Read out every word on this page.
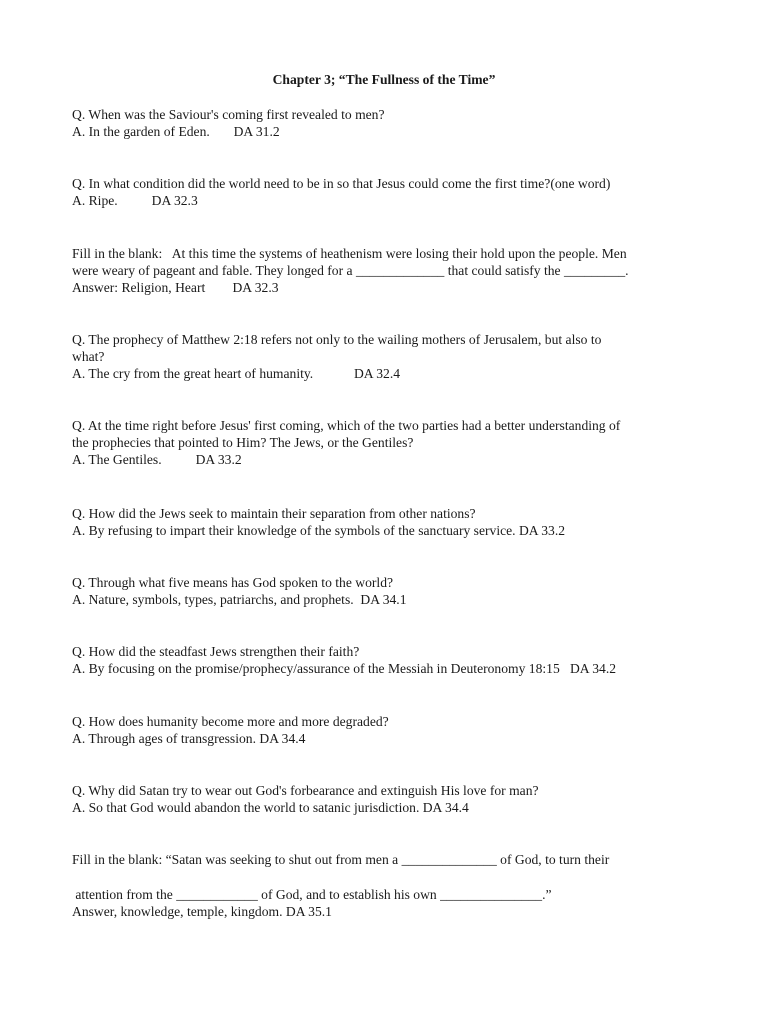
Chapter 3; “The Fullness of the Time”
Q. When was the Saviour's coming first revealed to men?
A. In the garden of Eden.       DA 31.2
Q. In what condition did the world need to be in so that Jesus could come the first time?(one word)
A. Ripe.          DA 32.3
Fill in the blank:   At this time the systems of heathenism were losing their hold upon the people. Men
were weary of pageant and fable. They longed for a _____________ that could satisfy the _________.
Answer: Religion, Heart        DA 32.3
Q. The prophecy of Matthew 2:18 refers not only to the wailing mothers of Jerusalem, but also to
what?
A. The cry from the great heart of humanity.            DA 32.4
Q. At the time right before Jesus' first coming, which of the two parties had a better understanding of
the prophecies that pointed to Him? The Jews, or the Gentiles?
A. The Gentiles.          DA 33.2
Q. How did the Jews seek to maintain their separation from other nations?
A. By refusing to impart their knowledge of the symbols of the sanctuary service. DA 33.2
Q. Through what five means has God spoken to the world?
A. Nature, symbols, types, patriarchs, and prophets.  DA 34.1
Q. How did the steadfast Jews strengthen their faith?
A. By focusing on the promise/prophecy/assurance of the Messiah in Deuteronomy 18:15   DA 34.2
Q. How does humanity become more and more degraded?
A. Through ages of transgression. DA 34.4
Q. Why did Satan try to wear out God's forbearance and extinguish His love for man?
A. So that God would abandon the world to satanic jurisdiction. DA 34.4
Fill in the blank: “Satan was seeking to shut out from men a ______________ of God, to turn their
attention from the ____________ of God, and to establish his own _______________.”
Answer, knowledge, temple, kingdom. DA 35.1
